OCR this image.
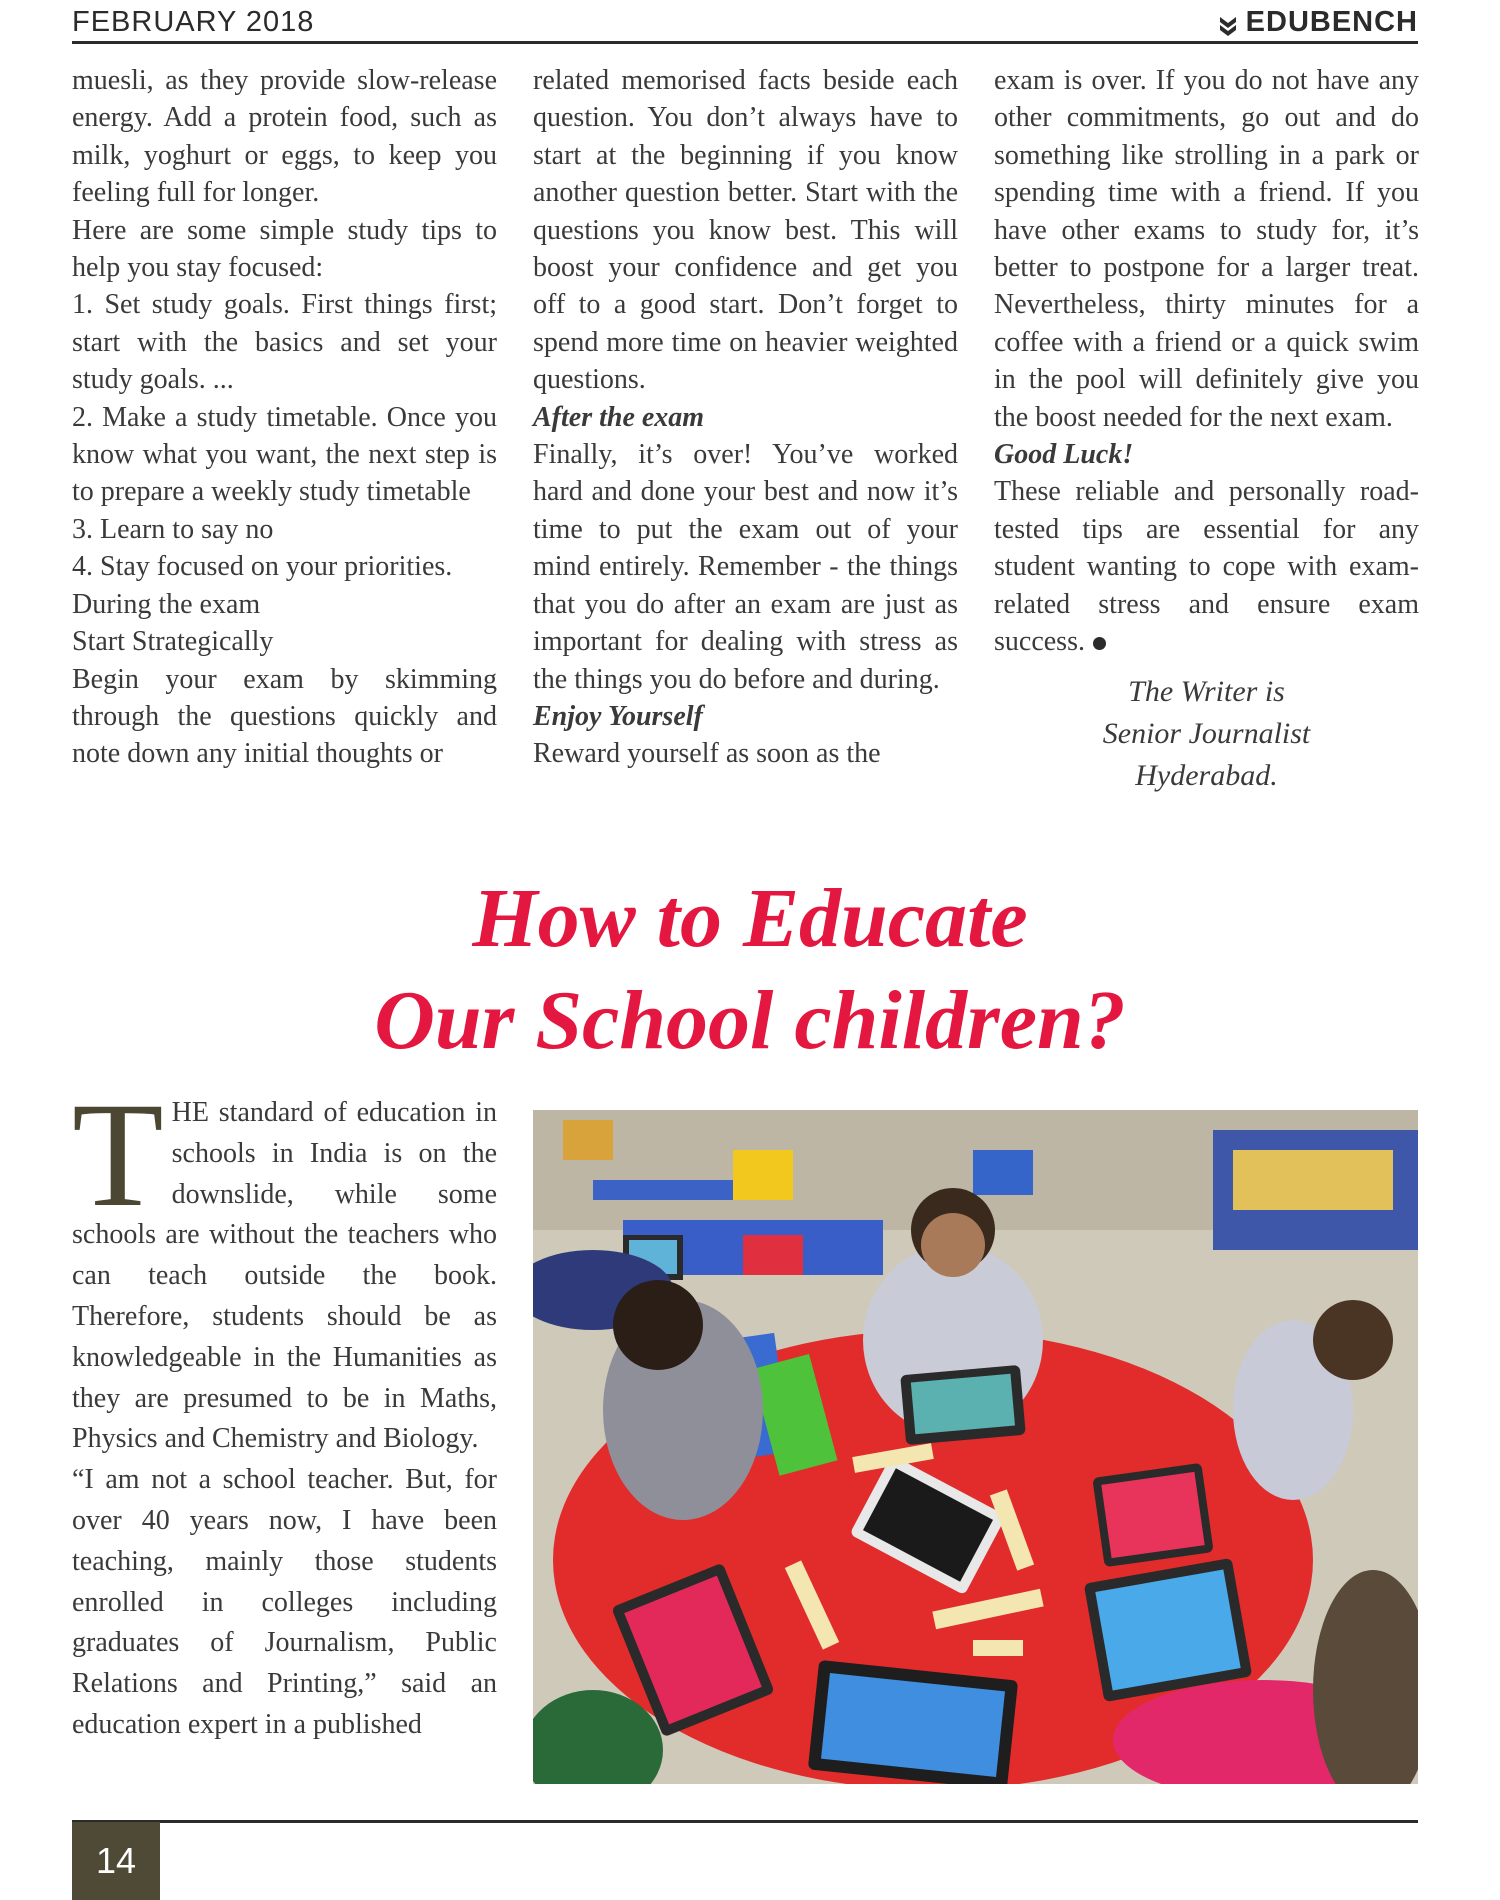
FEBRUARY 2018	EDUBENCH

muesli, as they provide slow-release energy. Add a protein food, such as milk, yoghurt or eggs, to keep you feeling full for longer.

Here are some simple study tips to help you stay focused:

1. Set study goals. First things first; start with the basics and set your study goals. ...

2. Make a study timetable. Once you know what you want, the next step is to prepare a weekly study timetable

3. Learn to say no

4. Stay focused on your priorities.

During the exam

Start Strategically

Begin your exam by skimming through the questions quickly and note down any initial thoughts or

related memorised facts beside each question. You don’t always have to start at the beginning if you know another question better. Start with the questions you know best. This will boost your confidence and get you off to a good start. Don’t forget to spend more time on heavier weighted questions.

After the exam

Finally, it’s over! You’ve worked hard and done your best and now it’s time to put the exam out of your mind entirely. Remember - the things that you do after an exam are just as important for dealing with stress as the things you do before and during.

Enjoy Yourself

Reward yourself as soon as the

exam is over. If you do not have any other commitments, go out and do something like strolling in a park or spending time with a friend. If you have other exams to study for, it’s better to postpone for a larger treat. Nevertheless, thirty minutes for a coffee with a friend or a quick swim in the pool will definitely give you the boost needed for the next exam.

Good Luck!

These reliable and personally road-tested tips are essential for any student wanting to cope with exam-related stress and ensure exam success.

The Writer is
Senior Journalist
Hyderabad.
How to Educate
Our School children?

THE standard of education in schools in India is on the downslide, while some schools are without the teachers who can teach outside the book. Therefore, students should be as knowledgeable in the Humanities as they are presumed to be in Maths, Physics and Chemistry and Biology.

“I am not a school teacher. But, for over 40 years now, I have been teaching, mainly those students enrolled in colleges including graduates of Journalism, Public Relations and Printing,” said an education expert in a published

14
